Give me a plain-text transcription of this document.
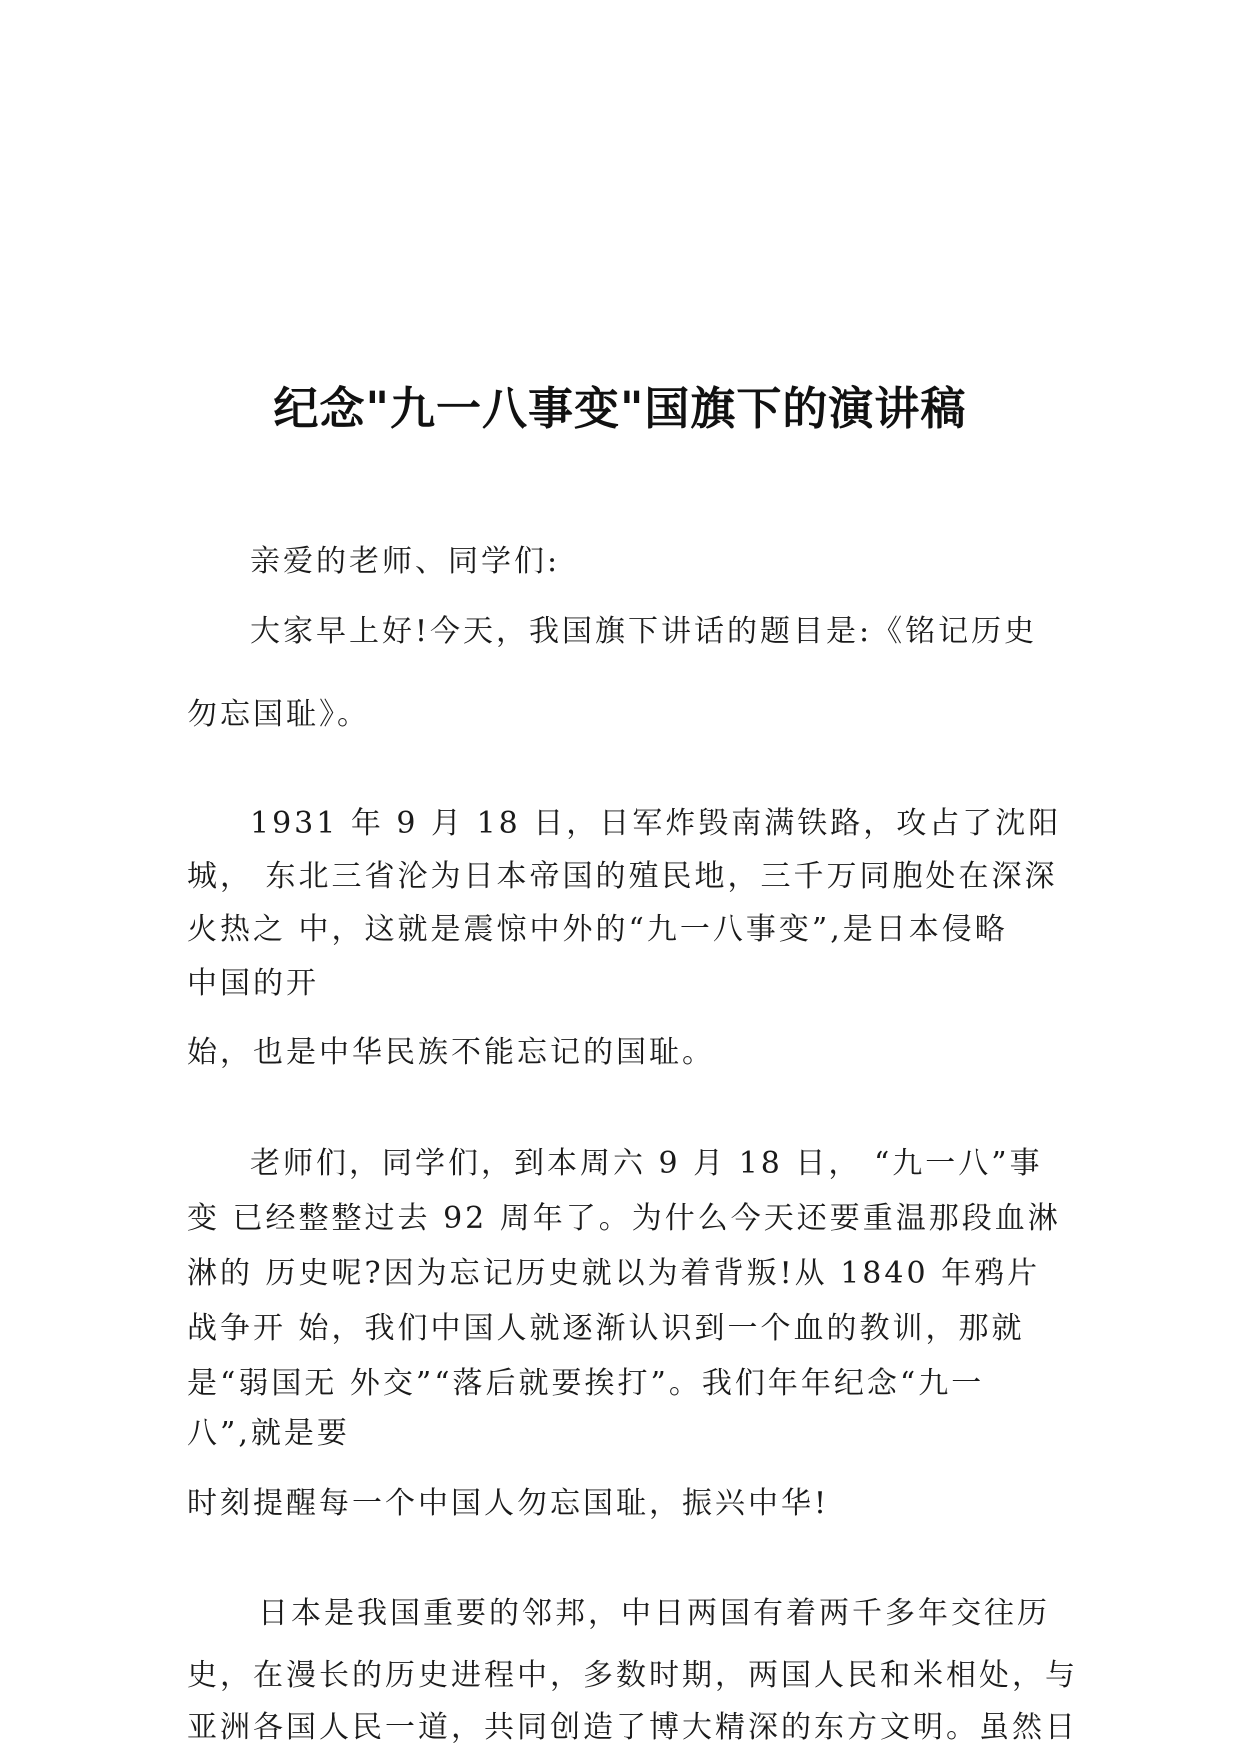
纪念"九一八事变"国旗下的演讲稿
亲爱的老师、同学们:
大家早上好!今天，我国旗下讲话的题目是:《铭记历史
勿忘国耻》。
1931 年 9 月 18 日，日军炸毁南满铁路，攻占了沈阳
城， 东北三省沦为日本帝国的殖民地，三千万同胞处在深深
火热之 中，这就是震惊中外的“九一八事变”,是日本侵略
中国的开
始，也是中华民族不能忘记的国耻。
老师们，同学们，到本周六 9 月 18 日， “九一八”事
变 已经整整过去 92 周年了。为什么今天还要重温那段血淋
淋的 历史呢?因为忘记历史就以为着背叛!从 1840 年鸦片
战争开 始，我们中国人就逐渐认识到一个血的教训，那就
是“弱国无 外交”“落后就要挨打”。我们年年纪念“九一
八”,就是要
时刻提醒每一个中国人勿忘国耻，振兴中华!
日本是我国重要的邻邦，中日两国有着两千多年交往历
史，在漫长的历史进程中，多数时期，两国人民和米相处，与
亚洲各国人民一道，共同创造了博大精深的东方文明。虽然日
